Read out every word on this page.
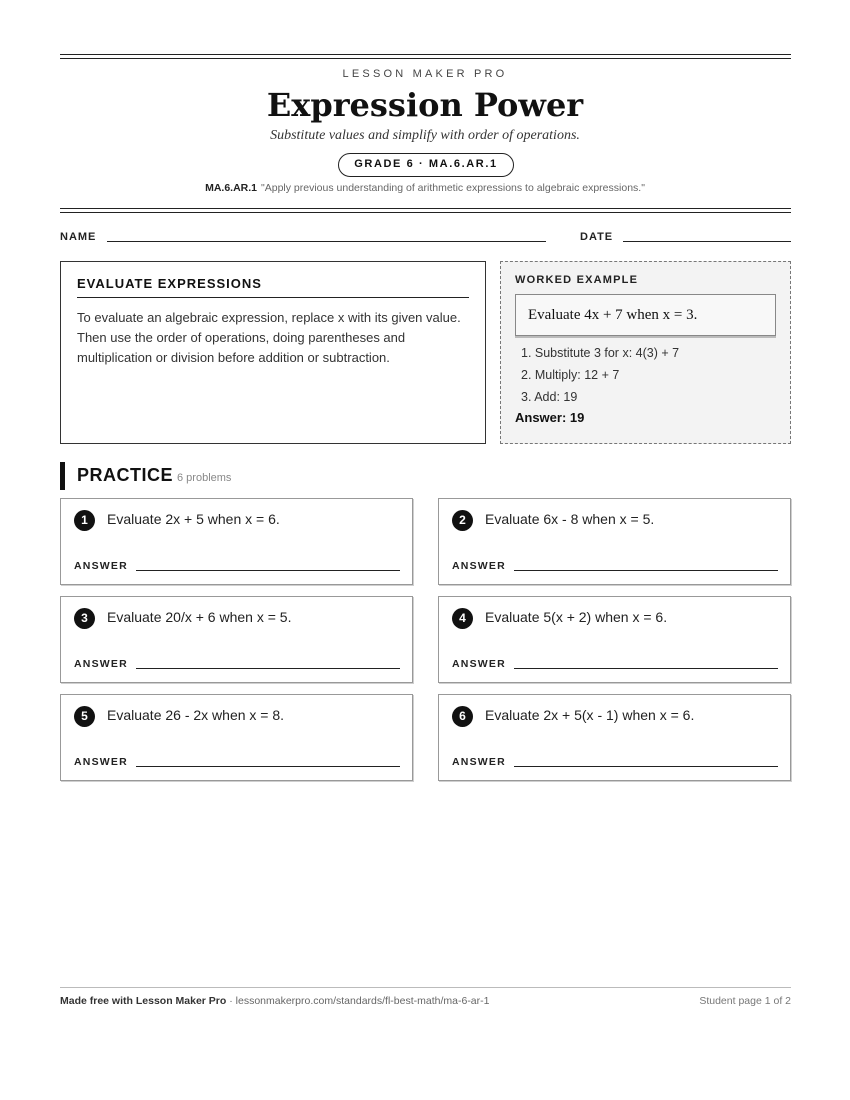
LESSON MAKER PRO
Expression Power
Substitute values and simplify with order of operations.
GRADE 6 · MA.6.AR.1
MA.6.AR.1 "Apply previous understanding of arithmetic expressions to algebraic expressions."
NAME	DATE
EVALUATE EXPRESSIONS
To evaluate an algebraic expression, replace x with its given value. Then use the order of operations, doing parentheses and multiplication or division before addition or subtraction.
WORKED EXAMPLE
Evaluate 4x + 7 when x = 3.
1. Substitute 3 for x: 4(3) + 7
2. Multiply: 12 + 7
3. Add: 19
Answer: 19
PRACTICE 6 problems
1	Evaluate 2x + 5 when x = 6.
ANSWER
2	Evaluate 6x - 8 when x = 5.
ANSWER
3	Evaluate 20/x + 6 when x = 5.
ANSWER
4	Evaluate 5(x + 2) when x = 6.
ANSWER
5	Evaluate 26 - 2x when x = 8.
ANSWER
6	Evaluate 2x + 5(x - 1) when x = 6.
ANSWER
Made free with Lesson Maker Pro · lessonmakerpro.com/standards/fl-best-math/ma-6-ar-1	Student page 1 of 2
